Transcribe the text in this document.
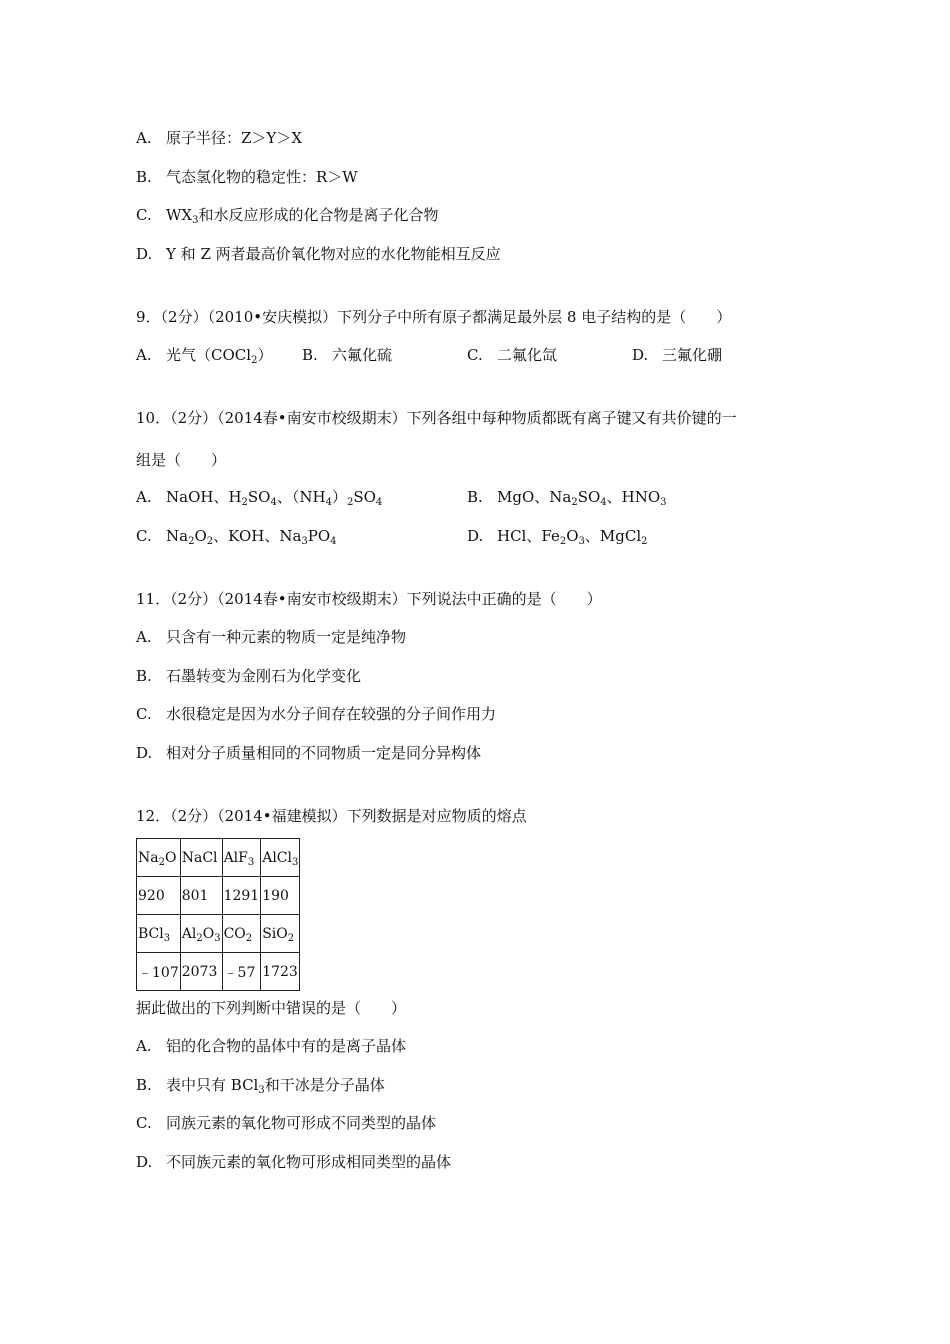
A. 原子半径：Z＞Y＞X
B. 气态氢化物的稳定性：R＞W
C. $WX_3$和水反应形成的化合物是离子化合物
D. Y 和 Z 两者最高价氧化物对应的水化物能相互反应
9．（2分）（2010•安庆模拟）下列分子中所有原子都满足最外层 8 电子结构的是（　　）
A. 光气（COCl$_2$） B. 六氟化硫	C. 二氟化氙	D. 三氟化硼
10．（2分）（2014春•南安市校级期末）下列各组中每种物质都既有离子键又有共价键的一
组是（　　）
A. NaOH、$H_2SO_4$、$(NH_4)_2SO_4$	B. MgO、$Na_2SO_4$、$HNO_3$
C. $Na_2O_2$、KOH、$Na_3PO_4$	D. HCl、$Fe_2O_3$、MgCl$_2$
11．（2分）（2014春•南安市校级期末）下列说法中正确的是（　　）
A. 只含有一种元素的物质一定是纯净物
B. 石墨转变为金刚石为化学变化
C. 水很稳定是因为水分子间存在较强的分子间作用力
D. 相对分子质量相同的不同物质一定是同分异构体
12．（2分）（2014•福建模拟）下列数据是对应物质的熔点
$Na_2O$	NaCl	AlF$_3$	AlCl$_3$
920	801	1291	190
BCl$_3$	$Al_2O_3$	$CO_2$	SiO$_2$
﹣107	2073	﹣57	1723
据此做出的下列判断中错误的是（　　）
A. 铝的化合物的晶体中有的是离子晶体
B. 表中只有 BCl$_3$和干冰是分子晶体
C. 同族元素的氧化物可形成不同类型的晶体
D. 不同族元素的氧化物可形成相同类型的晶体
